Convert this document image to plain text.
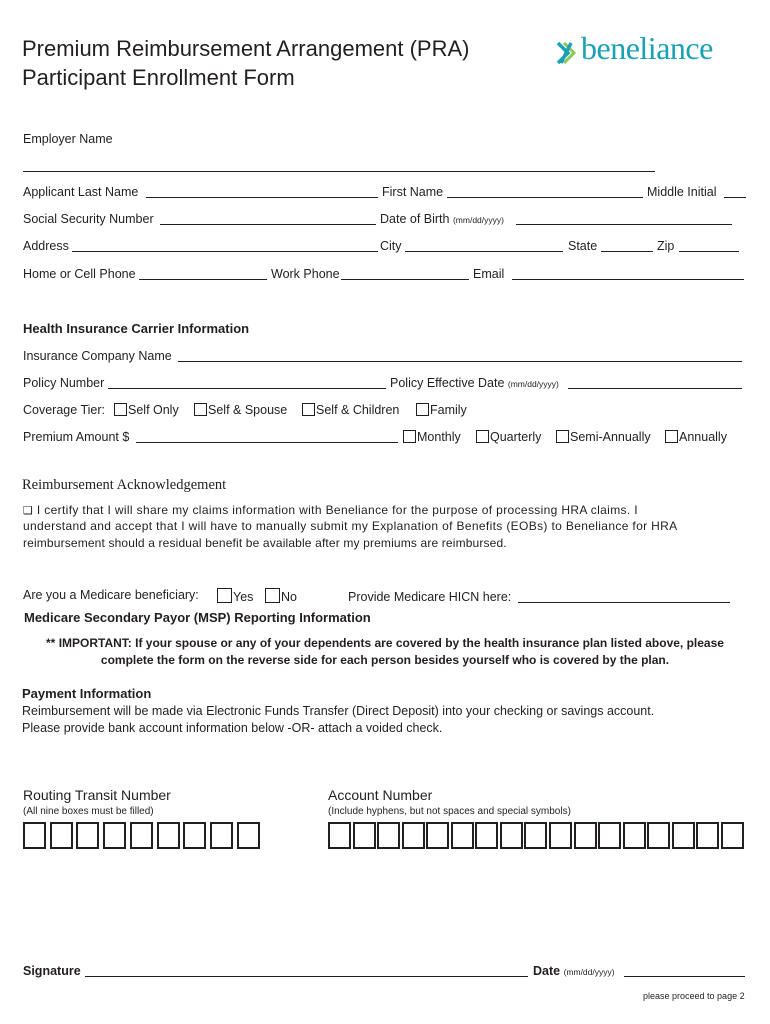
Premium Reimbursement Arrangement (PRA)
Participant Enrollment Form
beneliance
Employer Name
Applicant Last Name	First Name	Middle Initial
Social Security Number	Date of Birth (mm/dd/yyyy)
Address	City	State	Zip
Home or Cell Phone	Work Phone	Email
Health Insurance Carrier Information
Insurance Company Name
Policy Number	Policy Effective Date (mm/dd/yyyy)
Coverage Tier:	Self Only	Self & Spouse	Self & Children	Family
Premium Amount $	Monthly	Quarterly	Semi-Annually	Annually
Reimbursement Acknowledgement
❑ I certify that I will share my claims information with Beneliance for the purpose of processing HRA claims. I
understand and accept that I will have to manually submit my Explanation of Benefits (EOBs) to Beneliance for HRA
reimbursement should a residual benefit be available after my premiums are reimbursed.
Are you a Medicare beneficiary:	Yes	No	Provide Medicare HICN here:
Medicare Secondary Payor (MSP) Reporting Information
** IMPORTANT: If your spouse or any of your dependents are covered by the health insurance plan listed above, please
complete the form on the reverse side for each person besides yourself who is covered by the plan.
Payment Information
Reimbursement will be made via Electronic Funds Transfer (Direct Deposit) into your checking or savings account.
Please provide bank account information below -OR- attach a voided check.
Routing Transit Number
(All nine boxes must be filled)
Account Number
(Include hyphens, but not spaces and special symbols)
Signature	Date (mm/dd/yyyy)
please proceed to page 2
